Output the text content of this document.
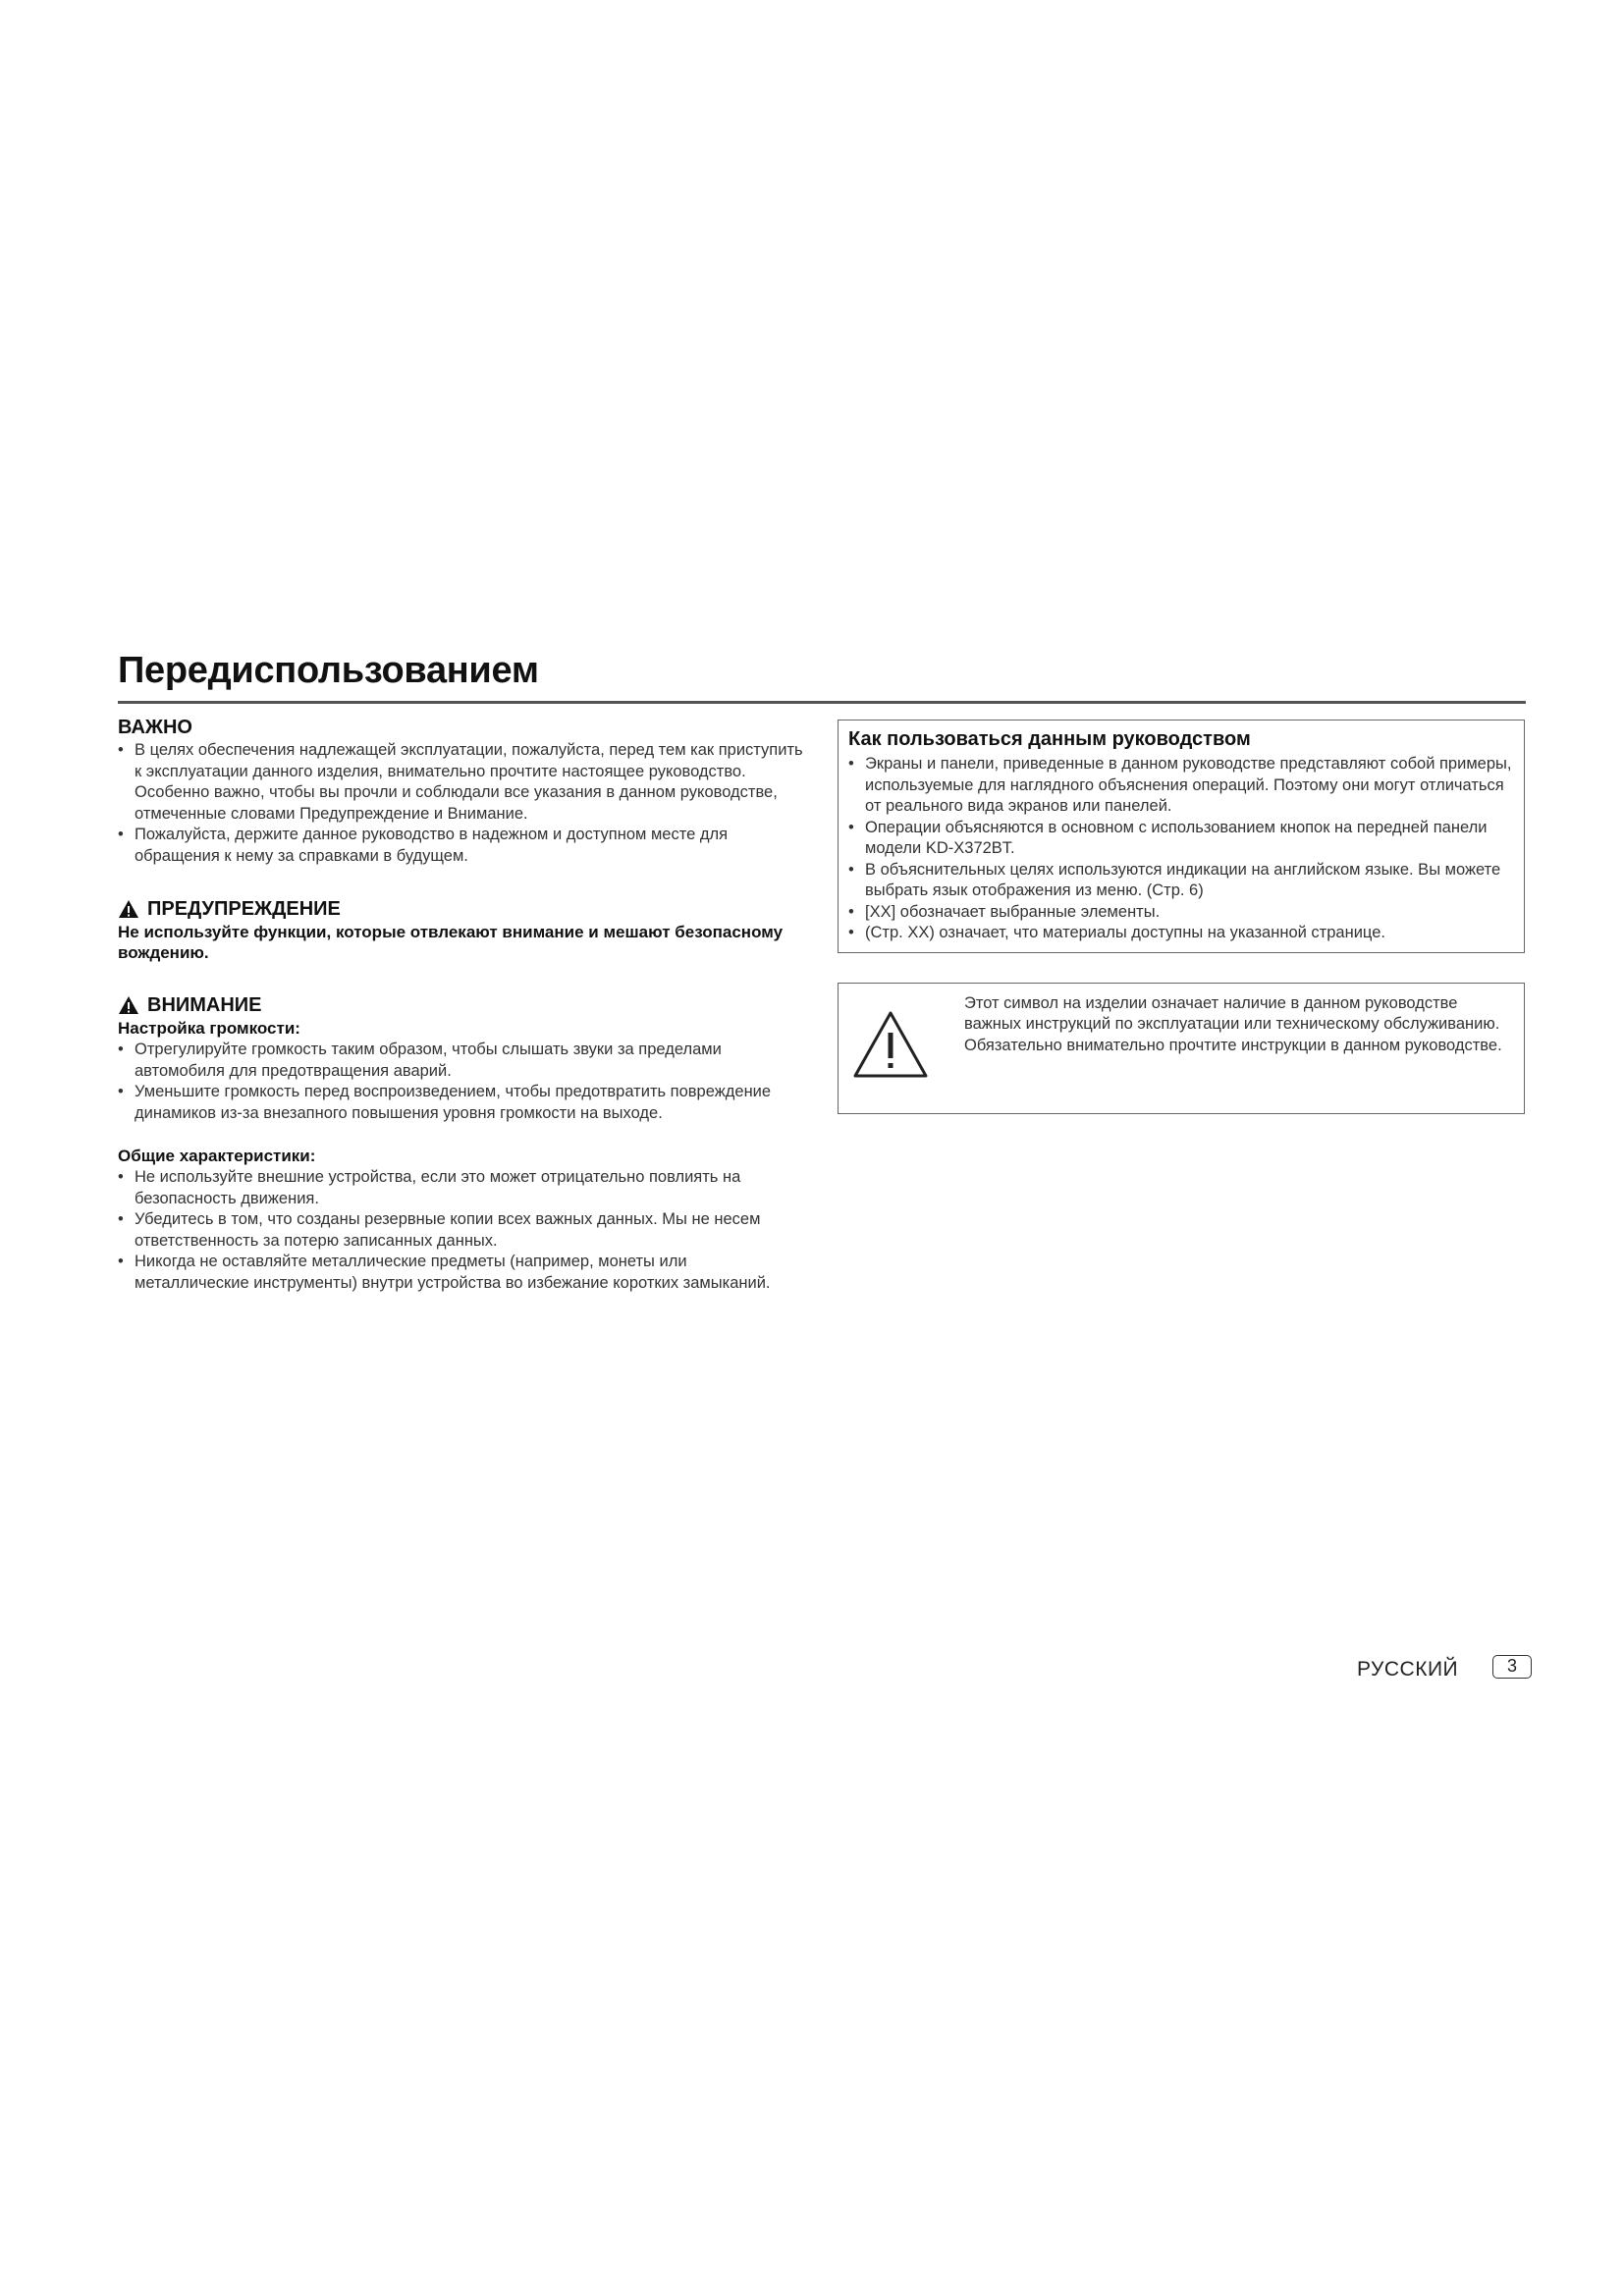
Передиспользованием
ВАЖНО
• В целях обеспечения надлежащей эксплуатации, пожалуйста, перед тем как приступить к эксплуатации данного изделия, внимательно прочтите настоящее руководство. Особенно важно, чтобы вы прочли и соблюдали все указания в данном руководстве, отмеченные словами Предупреждение и Внимание.
• Пожалуйста, держите данное руководство в надежном и доступном месте для обращения к нему за справками в будущем.
ПРЕДУПРЕЖДЕНИЕ

Не используйте функции, которые отвлекают внимание и мешают безопасному вождению.

ВНИМАНИЕ
Настройка громкости:
• Отрегулируйте громкость таким образом, чтобы слышать звуки за пределами автомобиля для предотвращения аварий.
• Уменьшите громкость перед воспроизведением, чтобы предотвратить повреждение динамиков из-за внезапного повышения уровня громкости на выходе.
Общие характеристики:
• Не используйте внешние устройства, если это может отрицательно повлиять на безопасность движения.
• Убедитесь в том, что созданы резервные копии всех важных данных. Мы не несем ответственность за потерю записанных данных.
• Никогда не оставляйте металлические предметы (например, монеты или металлические инструменты) внутри устройства во избежание коротких замыканий.
Как пользоваться данным руководством
• Экраны и панели, приведенные в данном руководстве представляют собой примеры, используемые для наглядного объяснения операций. Поэтому они могут отличаться от реального вида экранов или панелей.
• Операции объясняются в основном с использованием кнопок на передней панели модели KD-X372BT.
• В объяснительных целях используются индикации на английском языке. Вы можете выбрать язык отображения из меню. (Стр. 6)
• [XX] обозначает выбранные элементы.
• (Стр. XX) означает, что материалы доступны на указанной странице.

Этот символ на изделии означает наличие в данном руководстве важных инструкций по эксплуатации или техническому обслуживанию.

Обязательно внимательно прочтите инструкции в данном руководстве.

РУССКИЙ	3
